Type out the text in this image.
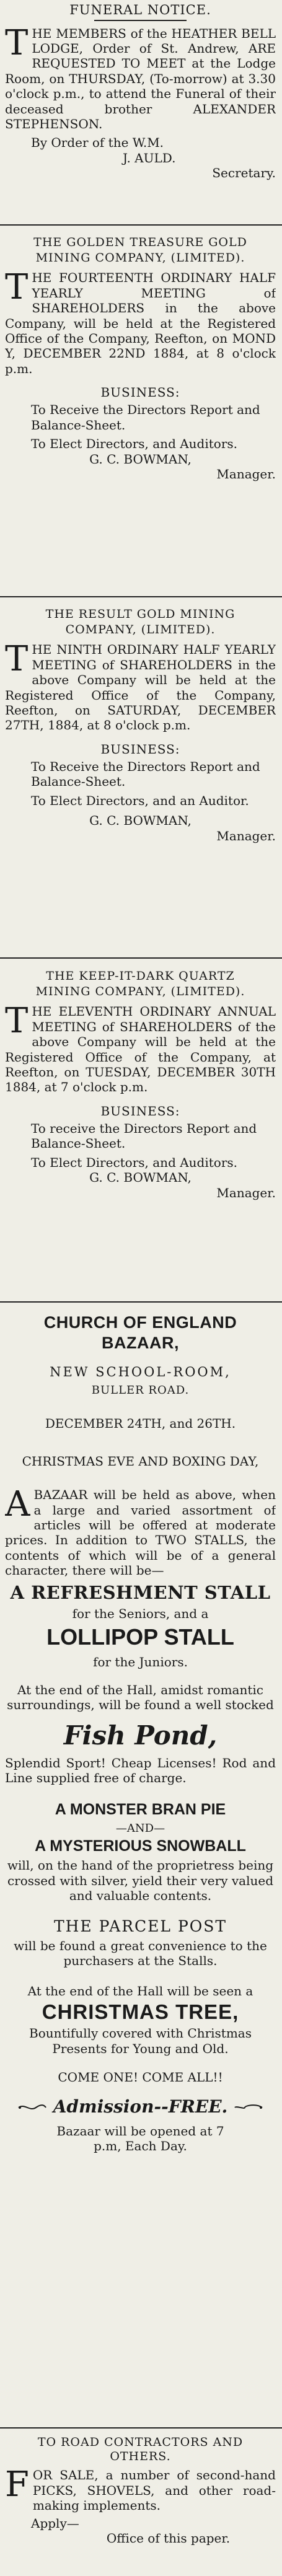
FUNERAL NOTICE.

THE MEMBERS of the HEATHER BELL LODGE, Order of St. Andrew, ARE REQUESTED TO MEET at the Lodge Room, on THURSDAY, (To-morrow) at 3.30 o'clock p.m., to attend the Funeral of their deceased brother ALEXANDER STEPHENSON.

By Order of the W.M.
J. AULD.
Secretary.
THE GOLDEN TREASURE GOLD
MINING COMPANY, (LIMITED).

THE FOURTEENTH ORDINARY HALF YEARLY MEETING of SHAREHOLDERS in the above Company, will be held at the Registered Office of the Company, Reefton, on MOND Y, DECEMBER 22ND 1884, at 8 o'clock p.m.

BUSINESS:
To Receive the Directors Report and Balance-Sheet.
To Elect Directors, and Auditors.
G. C. BOWMAN,
Manager.
THE RESULT GOLD MINING
COMPANY, (LIMITED).

THE NINTH ORDINARY HALF YEARLY MEETING of SHAREHOLDERS in the above Company will be held at the Registered Office of the Company, Reefton, on SATURDAY, DECEMBER 27TH, 1884, at 8 o'clock p.m.

BUSINESS:
To Receive the Directors Report and Balance-Sheet.
To Elect Directors, and an Auditor.
G. C. BOWMAN,
Manager.
THE KEEP-IT-DARK QUARTZ
MINING COMPANY, (LIMITED).

THE ELEVENTH ORDINARY ANNUAL MEETING of SHAREHOLDERS of the above Company will be held at the Registered Office of the Company, at Reefton, on TUESDAY, DECEMBER 30TH 1884, at 7 o'clock p.m.

BUSINESS:
To receive the Directors Report and Balance-Sheet.
To Elect Directors, and Auditors.
G. C. BOWMAN,
Manager.
CHURCH OF ENGLAND BAZAAR,
NEW SCHOOL-ROOM,
BULLER ROAD.
DECEMBER 24TH, and 26TH.
CHRISTMAS EVE AND BOXING DAY,

ABAZAAR will be held as above, when a large and varied assortment of articles will be offered at moderate prices. In addition to TWO STALLS, the contents of which will be of a general character, there will be—

A REFRESHMENT STALL
for the Seniors, and a
LOLLIPOP STALL
for the Juniors.

At the end of the Hall, amidst romantic surroundings, will be found a well stocked

Fish Pond,

Splendid Sport! Cheap Licenses! Rod and Line supplied free of charge.

A MONSTER BRAN PIE
—AND—
A MYSTERIOUS SNOWBALL

will, on the hand of the proprietress being crossed with silver, yield their very valued and valuable contents.

THE PARCEL POST

will be found a great convenience to the purchasers at the Stalls.

At the end of the Hall will be seen a
CHRISTMAS TREE,

Bountifully covered with Christmas Presents for Young and Old.

COME ONE! COME ALL!!
Admission--FREE.
Bazaar will be opened at 7 p.m, Each Day.
TO ROAD CONTRACTORS AND
OTHERS.

FOR SALE, a number of second-hand PICKS, SHOVELS, and other road-making implements.

Apply—
Office of this paper.
